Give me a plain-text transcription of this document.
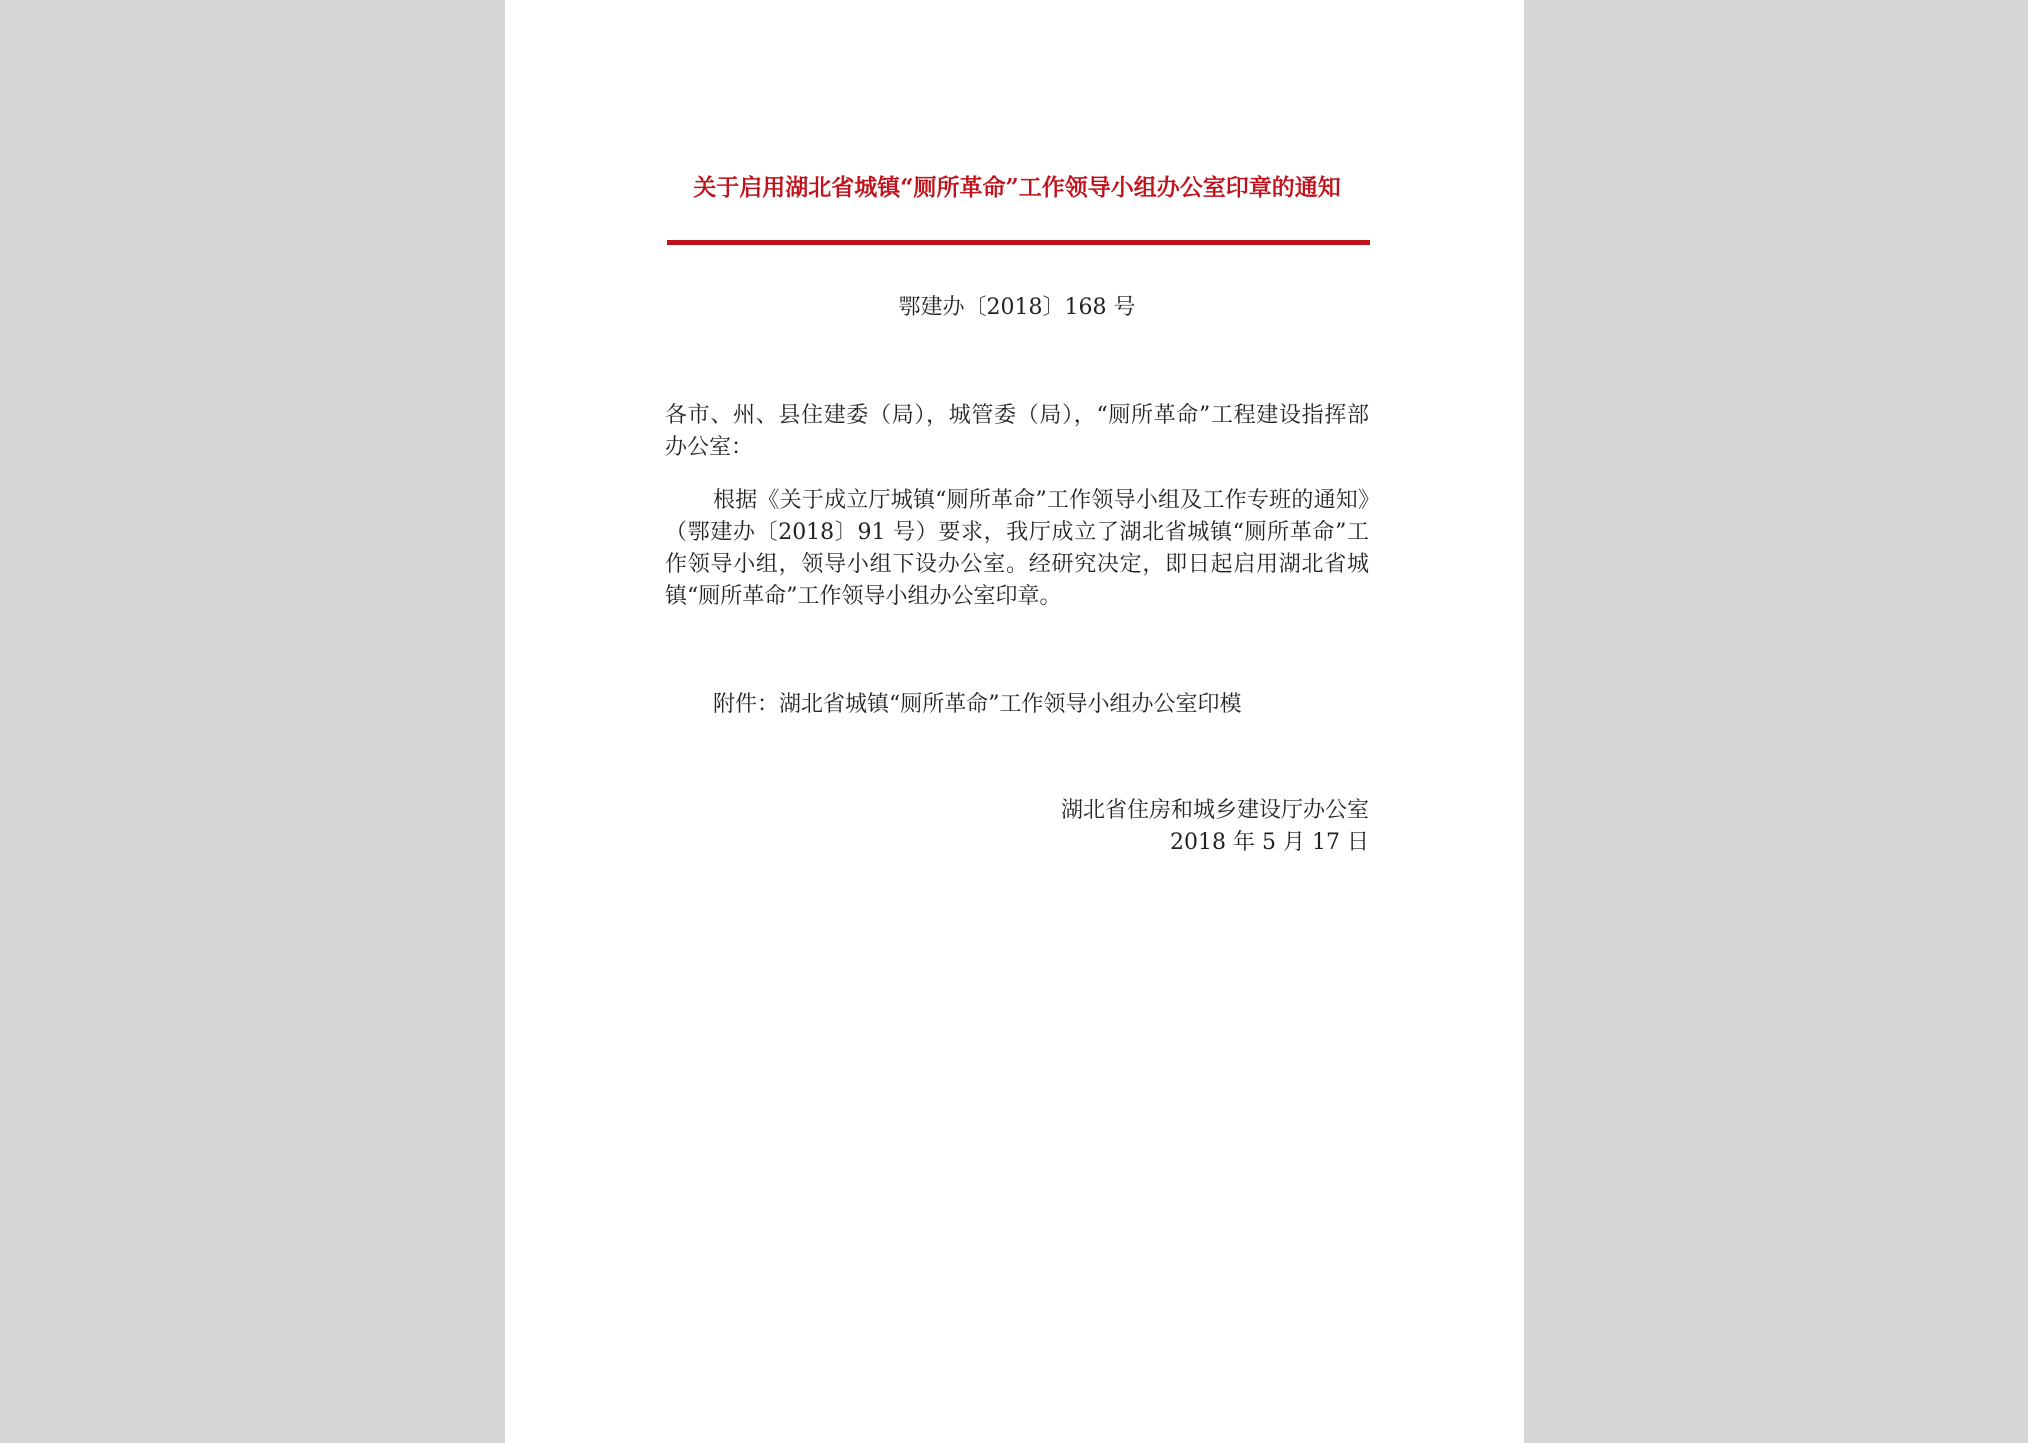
关于启用湖北省城镇“厕所革命”工作领导小组办公室印章的通知
鄂建办〔2018〕168 号
各市、州、县住建委（局），城管委（局），“厕所革命”工程建设指挥部办公室：
根据《关于成立厅城镇“厕所革命”工作领导小组及工作专班的通知》（鄂建办〔2018〕91 号）要求，我厅成立了湖北省城镇“厕所革命”工作领导小组，领导小组下设办公室。经研究决定，即日起启用湖北省城镇“厕所革命”工作领导小组办公室印章。
附件：湖北省城镇“厕所革命”工作领导小组办公室印模
湖北省住房和城乡建设厅办公室
2018 年 5 月 17 日
